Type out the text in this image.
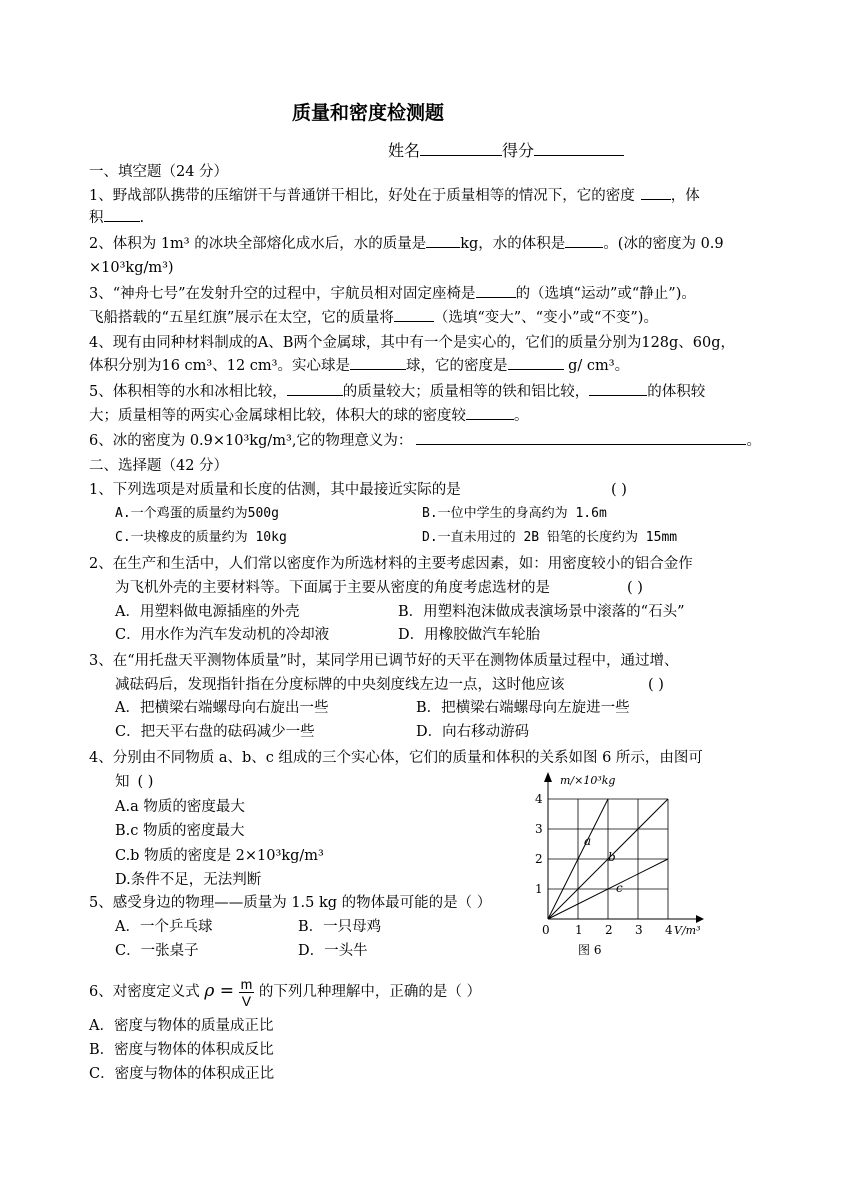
质量和密度检测题
姓名	得分
一、填空题（24 分）
1、野战部队携带的压缩饼干与普通饼干相比，好处在于质量相等的情况下，它的密度 ，体
积 .
2、体积为 1m³ 的冰块全部熔化成水后，水的质量是 kg，水的体积是	。(冰的密度为 0.9
×10³kg/m³)
3、“神舟七号”在发射升空的过程中，宇航员相对固定座椅是	的（选填“运动”或“静止”)。
飞船搭载的“五星红旗”展示在太空，它的质量将	（选填“变大”、“变小”或“不变”)。
4、现有由同种材料制成的A、B两个金属球，其中有一个是实心的，它们的质量分别为128g、60g，
体积分别为16 cm³、12 cm³。实心球是	球，它的密度是	g/ cm³。
5、体积相等的水和冰相比较，	的质量较大；质量相等的铁和铝比较，	的体积较
大；质量相等的两实心金属球相比较，体积大的球的密度较	。
6、冰的密度为 0.9×10³kg/m³,它的物理意义为：	。
二、选择题（42 分）
1、下列选项是对质量和长度的估测，其中最接近实际的是	( )
A.一个鸡蛋的质量约为500g	B.一位中学生的身高约为 1.6m
C.一块橡皮的质量约为 10kg	D.一直未用过的 2B 铅笔的长度约为 15mm
2、在生产和生活中，人们常以密度作为所选材料的主要考虑因素，如：用密度较小的铝合金作
为飞机外壳的主要材料等。下面属于主要从密度的角度考虑选材的是	( )
A．用塑料做电源插座的外壳	B．用塑料泡沫做成表演场景中滚落的“石头”
C．用水作为汽车发动机的冷却液	D．用橡胶做汽车轮胎
3、在“用托盘天平测物体质量”时，某同学用已调节好的天平在测物体质量过程中，通过增、
减砝码后，发现指针指在分度标牌的中央刻度线左边一点，这时他应该	( )
A．把横梁右端螺母向右旋出一些	B．把横梁右端螺母向左旋进一些
C．把天平右盘的砝码减少一些	D．向右移动游码
4、分别由不同物质 a、b、c 组成的三个实心体，它们的质量和体积的关系如图 6 所示，由图可
知 ( )
A.a 物质的密度最大
B.c 物质的密度最大
C.b 物质的密度是 2×10³kg/m³
D.条件不足，无法判断
5、感受身边的物理——质量为 1.5 kg 的物体最可能的是（ ）
A．一个乒乓球	B．一只母鸡
C．一张桌子	D．一头牛
6、对密度定义式 $\rho = \frac{m}{V}$ 的下列几种理解中，正确的是（ ）
A．密度与物体的质量成正比
B．密度与物体的体积成反比
C．密度与物体的体积成正比
a
b
c
1 2 3 4
1
2
3
4
0
m/×10³kg
V/m³
图 6
